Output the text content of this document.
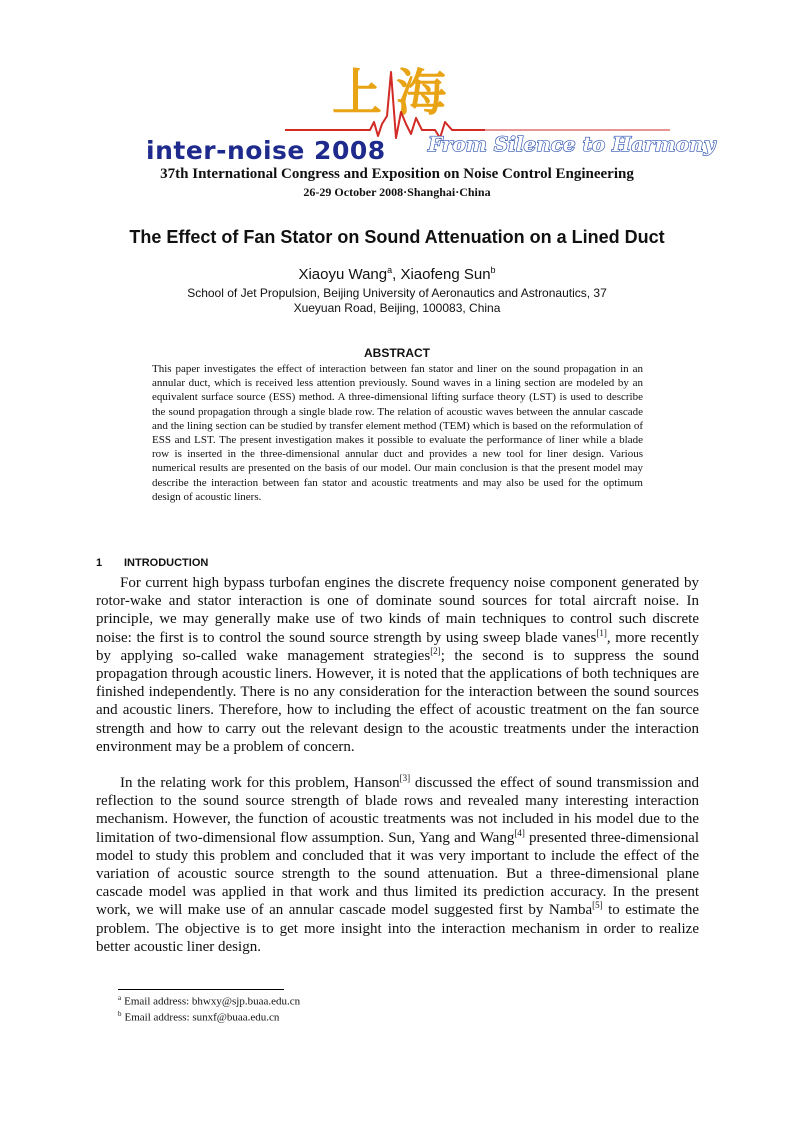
上海
inter-noise 2008 From Silence to Harmony
37th International Congress and Exposition on Noise Control Engineering
26-29 October 2008·Shanghai·China
The Effect of Fan Stator on Sound Attenuation on a Lined Duct
Xiaoyu Wang$^a$, Xiaofeng Sun$^b$
School of Jet Propulsion, Beijing University of Aeronautics and Astronautics, 37
Xueyuan Road, Beijing, 100083, China
ABSTRACT
This paper investigates the effect of interaction between fan stator and liner on the sound propagation in an annular duct, which is received less attention previously. Sound waves in a lining section are modeled by an equivalent surface source (ESS) method. A three-dimensional lifting surface theory (LST) is used to describe the sound propagation through a single blade row. The relation of acoustic waves between the annular cascade and the lining section can be studied by transfer element method (TEM) which is based on the reformulation of ESS and LST. The present investigation makes it possible to evaluate the performance of liner while a blade row is inserted in the three-dimensional annular duct and provides a new tool for liner design. Various numerical results are presented on the basis of our model. Our main conclusion is that the present model may describe the interaction between fan stator and acoustic treatments and may also be used for the optimum design of acoustic liners.
1 INTRODUCTION

For current high bypass turbofan engines the discrete frequency noise component generated by rotor-wake and stator interaction is one of dominate sound sources for total aircraft noise. In principle, we may generally make use of two kinds of main techniques to control such discrete noise: the first is to control the sound source strength by using sweep blade vanes[1], more recently by applying so-called wake management strategies[2]; the second is to suppress the sound propagation through acoustic liners. However, it is noted that the applications of both techniques are finished independently. There is no any consideration for the interaction between the sound sources and acoustic liners. Therefore, how to including the effect of acoustic treatment on the fan source strength and how to carry out the relevant design to the acoustic treatments under the interaction environment may be a problem of concern.

In the relating work for this problem, Hanson[3] discussed the effect of sound transmission and reflection to the sound source strength of blade rows and revealed many interesting interaction mechanism. However, the function of acoustic treatments was not included in his model due to the limitation of two-dimensional flow assumption. Sun, Yang and Wang[4] presented three-dimensional model to study this problem and concluded that it was very important to include the effect of the variation of acoustic source strength to the sound attenuation. But a three-dimensional plane cascade model was applied in that work and thus limited its prediction accuracy. In the present work, we will make use of an annular cascade model suggested first by Namba[5] to estimate the problem. The objective is to get more insight into the interaction mechanism in order to realize better acoustic liner design.

$^a$ Email address: bhwxy@sjp.buaa.edu.cn
$^b$ Email address: sunxf@buaa.edu.cn
